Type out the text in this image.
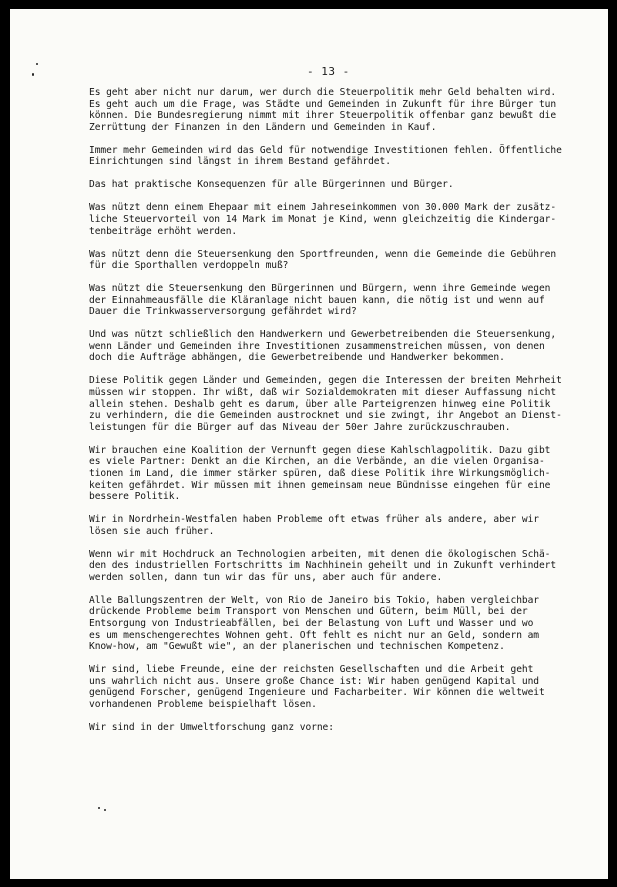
- 13 -
Es geht aber nicht nur darum, wer durch die Steuerpolitik mehr Geld behalten wird.
Es geht auch um die Frage, was Städte und Gemeinden in Zukunft für ihre Bürger tun
können. Die Bundesregierung nimmt mit ihrer Steuerpolitik offenbar ganz bewußt die
Zerrüttung der Finanzen in den Ländern und Gemeinden in Kauf.
Immer mehr Gemeinden wird das Geld für notwendige Investitionen fehlen. Öffentliche
Einrichtungen sind längst in ihrem Bestand gefährdet.
Das hat praktische Konsequenzen für alle Bürgerinnen und Bürger.
Was nützt denn einem Ehepaar mit einem Jahreseinkommen von 30.000 Mark der zusätz-
liche Steuervorteil von 14 Mark im Monat je Kind, wenn gleichzeitig die Kindergar-
tenbeiträge erhöht werden.
Was nützt denn die Steuersenkung den Sportfreunden, wenn die Gemeinde die Gebühren
für die Sporthallen verdoppeln muß?
Was nützt die Steuersenkung den Bürgerinnen und Bürgern, wenn ihre Gemeinde wegen
der Einnahmeausfälle die Kläranlage nicht bauen kann, die nötig ist und wenn auf
Dauer die Trinkwasserversorgung gefährdet wird?
Und was nützt schließlich den Handwerkern und Gewerbetreibenden die Steuersenkung,
wenn Länder und Gemeinden ihre Investitionen zusammenstreichen müssen, von denen
doch die Aufträge abhängen, die Gewerbetreibende und Handwerker bekommen.
Diese Politik gegen Länder und Gemeinden, gegen die Interessen der breiten Mehrheit
müssen wir stoppen. Ihr wißt, daß wir Sozialdemokraten mit dieser Auffassung nicht
allein stehen. Deshalb geht es darum, über alle Parteigrenzen hinweg eine Politik
zu verhindern, die die Gemeinden austrocknet und sie zwingt, ihr Angebot an Dienst-
leistungen für die Bürger auf das Niveau der 50er Jahre zurückzuschrauben.
Wir brauchen eine Koalition der Vernunft gegen diese Kahlschlagpolitik. Dazu gibt
es viele Partner: Denkt an die Kirchen, an die Verbände, an die vielen Organisa-
tionen im Land, die immer stärker spüren, daß diese Politik ihre Wirkungsmöglich-
keiten gefährdet. Wir müssen mit ihnen gemeinsam neue Bündnisse eingehen für eine
bessere Politik.
Wir in Nordrhein-Westfalen haben Probleme oft etwas früher als andere, aber wir
lösen sie auch früher.
Wenn wir mit Hochdruck an Technologien arbeiten, mit denen die ökologischen Schä-
den des industriellen Fortschritts im Nachhinein geheilt und in Zukunft verhindert
werden sollen, dann tun wir das für uns, aber auch für andere.
Alle Ballungszentren der Welt, von Rio de Janeiro bis Tokio, haben vergleichbar
drückende Probleme beim Transport von Menschen und Gütern, beim Müll, bei der
Entsorgung von Industrieabfällen, bei der Belastung von Luft und Wasser und wo
es um menschengerechtes Wohnen geht. Oft fehlt es nicht nur an Geld, sondern am
Know-how, am "Gewußt wie", an der planerischen und technischen Kompetenz.
Wir sind, liebe Freunde, eine der reichsten Gesellschaften und die Arbeit geht
uns wahrlich nicht aus. Unsere große Chance ist: Wir haben genügend Kapital und
genügend Forscher, genügend Ingenieure und Facharbeiter. Wir können die weltweit
vorhandenen Probleme beispielhaft lösen.
Wir sind in der Umweltforschung ganz vorne:
